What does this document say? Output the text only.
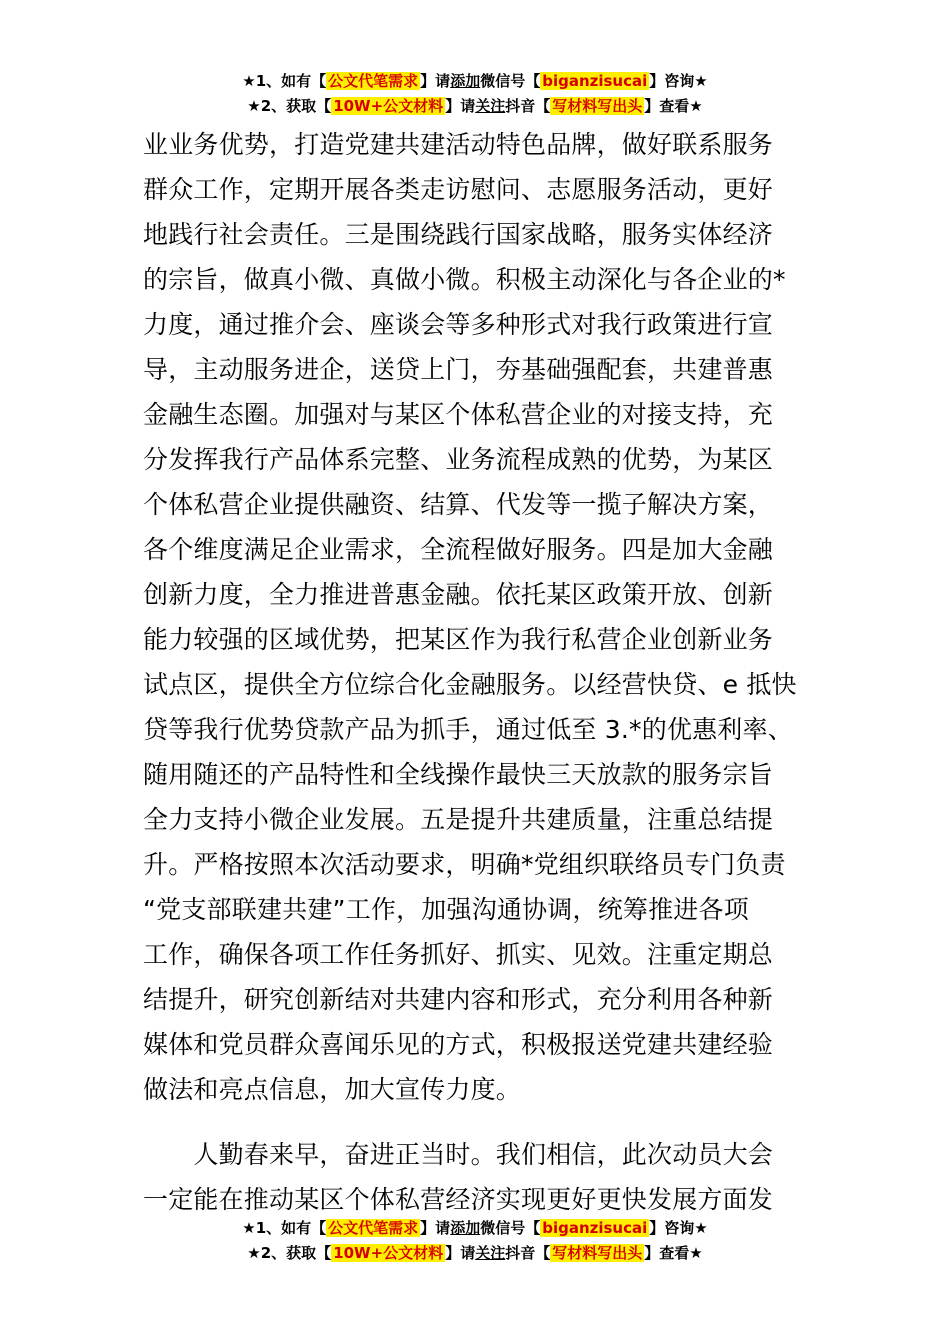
★1、如有【 公文代笔需求 】请添加微信号【 biganzisucai 】咨询★
★2、获取【 10W+公文材料 】请关注抖音【 写材料写出头 】查看★
业业务优势，打造党建共建活动特色品牌，做好联系服务
群众工作，定期开展各类走访慰问、志愿服务活动，更好
地践行社会责任。三是围绕践行国家战略，服务实体经济
的宗旨，做真小微、真做小微。积极主动深化与各企业的*
力度，通过推介会、座谈会等多种形式对我行政策进行宣
导，主动服务进企，送贷上门，夯基础强配套，共建普惠
金融生态圈。加强对与某区个体私营企业的对接支持，充
分发挥我行产品体系完整、业务流程成熟的优势，为某区
个体私营企业提供融资、结算、代发等一揽子解决方案，
各个维度满足企业需求，全流程做好服务。四是加大金融
创新力度，全力推进普惠金融。依托某区政策开放、创新
能力较强的区域优势，把某区作为我行私营企业创新业务
试点区，提供全方位综合化金融服务。以经营快贷、e 抵快
贷等我行优势贷款产品为抓手，通过低至 3.*的优惠利率、
随用随还的产品特性和全线操作最快三天放款的服务宗旨
全力支持小微企业发展。五是提升共建质量，注重总结提
升。严格按照本次活动要求，明确*党组织联络员专门负责
“党支部联建共建”工作，加强沟通协调，统筹推进各项
工作，确保各项工作任务抓好、抓实、见效。注重定期总
结提升，研究创新结对共建内容和形式，充分利用各种新
媒体和党员群众喜闻乐见的方式，积极报送党建共建经验
做法和亮点信息，加大宣传力度。
　　人勤春来早，奋进正当时。我们相信，此次动员大会
一定能在推动某区个体私营经济实现更好更快发展方面发
★1、如有【 公文代笔需求 】请添加微信号【 biganzisucai 】咨询★
★2、获取【 10W+公文材料 】请关注抖音【 写材料写出头 】查看★
